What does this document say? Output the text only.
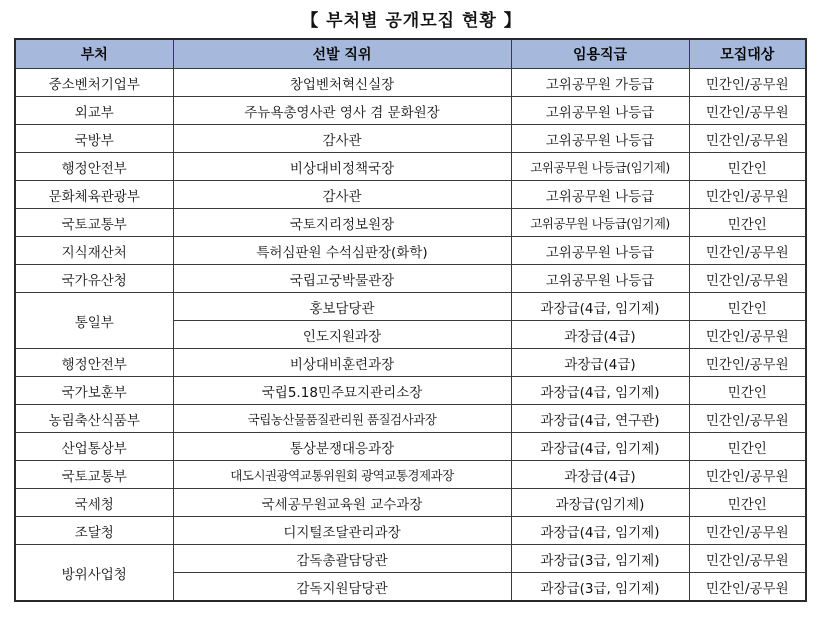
【 부처별 공개모집 현황 】
부처	선발 직위	임용직급	모집대상
중소벤처기업부	창업벤처혁신실장	고위공무원 가등급	민간인/공무원
외교부	주뉴욕총영사관 영사 겸 문화원장	고위공무원 나등급	민간인/공무원
국방부	감사관	고위공무원 나등급	민간인/공무원
행정안전부	비상대비정책국장	고위공무원 나등급(임기제)	민간인
문화체육관광부	감사관	고위공무원 나등급	민간인/공무원
국토교통부	국토지리정보원장	고위공무원 나등급(임기제)	민간인
지식재산처	특허심판원 수석심판장(화학)	고위공무원 나등급	민간인/공무원
국가유산청	국립고궁박물관장	고위공무원 나등급	민간인/공무원
통일부	홍보담당관	과장급(4급, 임기제)	민간인
	인도지원과장	과장급(4급)	민간인/공무원
행정안전부	비상대비훈련과장	과장급(4급)	민간인/공무원
국가보훈부	국립5.18민주묘지관리소장	과장급(4급, 임기제)	민간인
농림축산식품부	국립농산물품질관리원 품질검사과장	과장급(4급, 연구관)	민간인/공무원
산업통상부	통상분쟁대응과장	과장급(4급, 임기제)	민간인
국토교통부	대도시권광역교통위원회 광역교통경제과장	과장급(4급)	민간인/공무원
국세청	국세공무원교육원 교수과장	과장급(임기제)	민간인
조달청	디지털조달관리과장	과장급(4급, 임기제)	민간인/공무원
방위사업청	감독총괄담당관	과장급(3급, 임기제)	민간인/공무원
	감독지원담당관	과장급(3급, 임기제)	민간인/공무원
